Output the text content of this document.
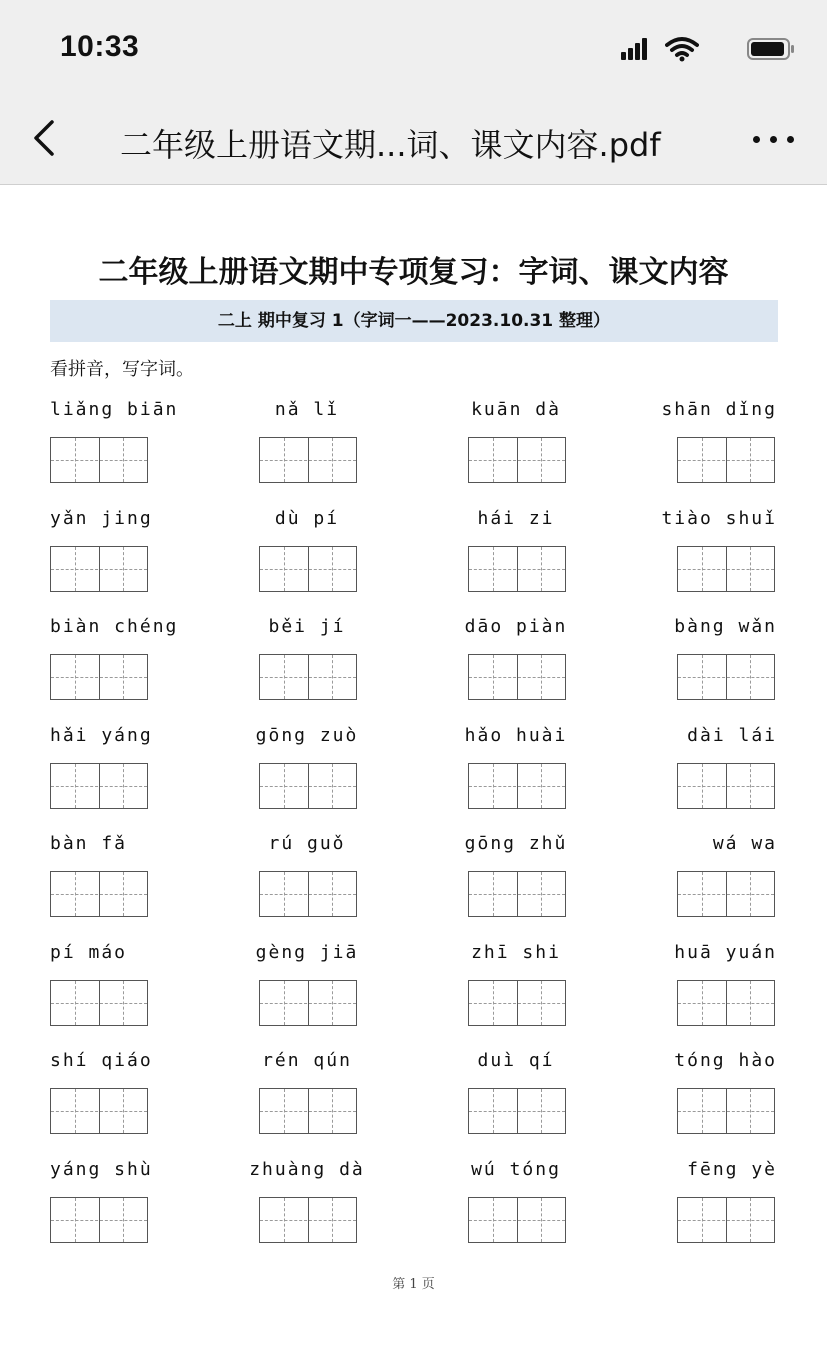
10:33
二年级上册语文期...词、课文内容.pdf
二年级上册语文期中专项复习：字词、课文内容
二上 期中复习 1（字词一——2023.10.31 整理）
看拼音，写字词。
liǎng biān	nǎ lǐ	kuān dà	shān dǐng
yǎn jing	dù pí	hái zi	tiào shuǐ
biàn chéng	běi jí	dāo piàn	bàng wǎn
hǎi yáng	gōng zuò	hǎo huài	dài lái
bàn fǎ	rú guǒ	gōng zhǔ	wá wa
pí máo	gèng jiā	zhī shi	huā yuán
shí qiáo	rén qún	duì qí	tóng hào
yáng shù	zhuàng dà	wú tóng	fēng yè
第 1 页
